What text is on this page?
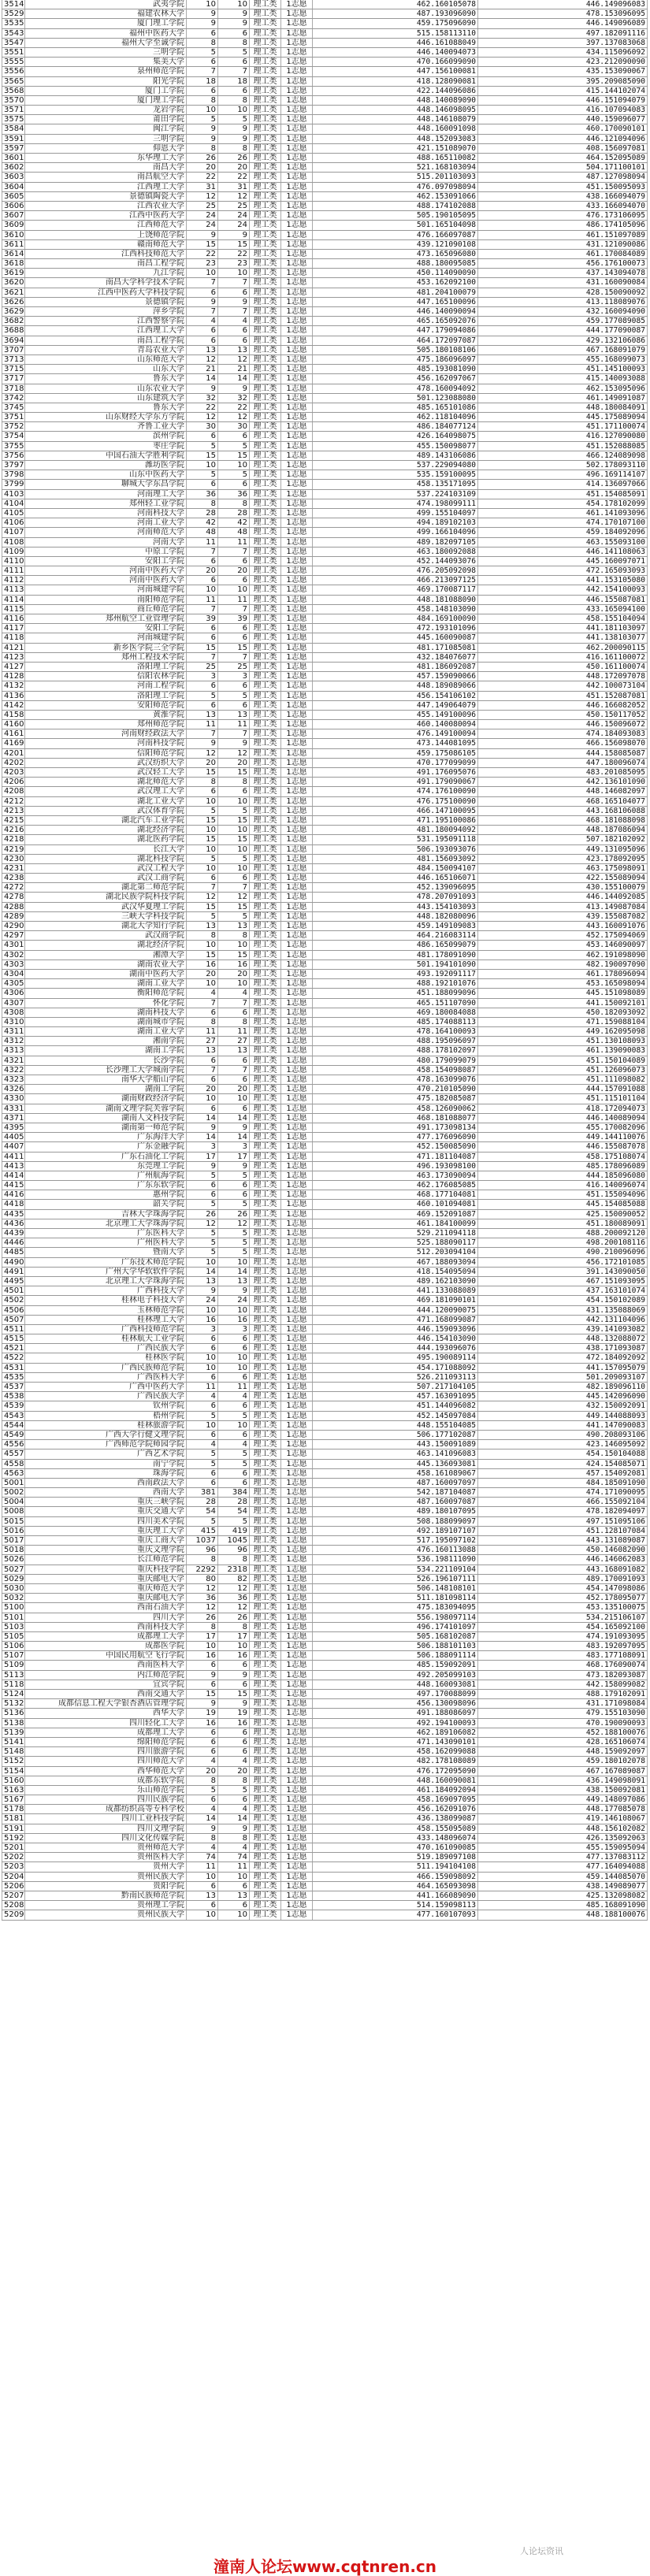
3514	武夷学院	10	10 理工类	1志愿	462.160105078	446.149096083
3529	福建农林大学	9	9 理工类	1志愿	487.193096090	478.153096095
3535	厦门理工学院	9	9 理工类	1志愿	459.175096090	446.149096089
3543	福州中医药大学	6	6 理工类	1志愿	515.158113110	497.182091116
3547	福州大学至诚学院	8	8 理工类	1志愿	446.161088049	397.137083068
3551	三明学院	5	5 理工类	1志愿	446.140094073	434.115096092
3555	集美大学	6	6 理工类	1志愿	470.166099090	423.212090090
3556	泉州师范学院	7	7 理工类	1志愿	447.156100081	435.153090067
3565	阳光学院	18	18 理工类	1志愿	418.128090081	395.209085090
3568	厦门工学院	6	6 理工类	1志愿	422.144096086	415.144102074
3570	厦门理工学院	8	8 理工类	1志愿	448.140089090	446.151094079
3571	龙岩学院	10	10 理工类	1志愿	448.146098095	416.107094083
3575	莆田学院	5	5 理工类	1志愿	448.146108079	440.159096077
3584	闽江学院	9	9 理工类	1志愿	448.160091098	460.170090101
3591	三明学院	9	9 理工类	1志愿	448.152093083	446.121094096
3597	仰恩大学	8	8 理工类	1志愿	421.151089070	408.156097081
3601	东华理工大学	26	26 理工类	1志愿	488.165110082	464.152095089
3602	南昌大学	20	20 理工类	1志愿	521.168103094	504.171100101
3603	南昌航空大学	22	22 理工类	1志愿	515.201103093	487.127098094
3604	江西理工大学	31	31 理工类	1志愿	476.097098094	451.150095093
3605	景德镇陶瓷大学	12	12 理工类	1志愿	462.153091066	438.166094079
3606	江西农业大学	25	25 理工类	1志愿	488.174102088	433.166094070
3607	江西中医药大学	24	24 理工类	1志愿	505.190105095	476.173106095
3609	江西师范大学	24	24 理工类	1志愿	501.165104098	486.174105096
3610	上饶师范学院	9	9 理工类	1志愿	476.166097087	461.151097089
3611	赣南师范大学	15	15 理工类	1志愿	439.121090108	431.121090086
3614	江西科技师范大学	22	22 理工类	1志愿	473.165096080	461.170084089
3618	南昌工程学院	23	23 理工类	1志愿	488.180095085	456.176100073
3619	九江学院	10	10 理工类	1志愿	450.114090090	437.143094078
3620	南昌大学科学技术学院	7	7 理工类	1志愿	453.162092100	431.160090084
3621	江西中医药大学科技学院	6	6 理工类	1志愿	481.204100079	428.150090092
3626	景德镇学院	9	9 理工类	1志愿	447.165100096	413.118089076
3629	萍乡学院	7	7 理工类	1志愿	446.140090094	432.160094090
3682	江西警察学院	4	4 理工类	1志愿	465.165092076	459.177089085
3688	江西理工大学	6	6 理工类	1志愿	447.179094086	444.177090087
3694	南昌工程学院	6	6 理工类	1志愿	464.172097087	429.132106086
3707	青岛农业大学	13	13 理工类	1志愿	505.180108106	467.168091079
3713	山东师范大学	12	12 理工类	1志愿	475.186096097	455.168099073
3715	山东大学	21	21 理工类	1志愿	485.193081090	451.145100093
3717	鲁东大学	14	14 理工类	1志愿	456.162097067	415.140093088
3718	山东农业大学	9	9 理工类	1志愿	478.160094092	462.153095096
3742	山东建筑大学	32	32 理工类	1志愿	501.123088080	461.149091087
3745	鲁东大学	22	22 理工类	1志愿	485.165101086	448.180084091
3751	山东财经大学东方学院	12	12 理工类	1志愿	462.118104096	445.175089094
3752	齐鲁工业大学	30	30 理工类	1志愿	486.184077124	451.171100074
3754	滨州学院	6	6 理工类	1志愿	426.164098075	416.127090080
3755	枣庄学院	5	5 理工类	1志愿	455.150098077	451.152088085
3756	中国石油大学胜利学院	15	15 理工类	1志愿	489.143106086	466.124089098
3797	潍坊医学院	10	10 理工类	1志愿	537.229094080	502.178093110
3798	山东中医药大学	5	5 理工类	1志愿	535.159100095	496.169114107
3799	聊城大学东昌学院	6	6 理工类	1志愿	458.135171095	414.136097066
4103	河南理工大学	36	36 理工类	1志愿	537.224103109	451.154085091
4104	郑州轻工业学院	8	8 理工类	1志愿	474.198099111	454.178102099
4105	河南科技大学	28	28 理工类	1志愿	499.155104097	461.141093096
4106	河南工业大学	42	42 理工类	1志愿	494.189102103	474.170107100
4107	河南师范大学	48	48 理工类	1志愿	499.166104096	459.184092096
4108	河南大学	11	11 理工类	1志愿	489.182097105	463.155093100
4109	中原工学院	7	7 理工类	1志愿	463.180092088	446.141108063
4110	安阳工学院	6	6 理工类	1志愿	452.144093076	445.160097071
4111	河南中医药大学	20	20 理工类	1志愿	476.205092098	472.165093093
4112	河南中医药大学	6	6 理工类	1志愿	466.213097125	441.153105080
4113	河南城建学院	10	10 理工类	1志愿	469.170087117	442.154100093
4114	南阳师范学院	11	11 理工类	1志愿	448.181088090	446.155087081
4115	商丘师范学院	7	7 理工类	1志愿	458.148103090	433.165094100
4116	郑州航空工业管理学院	39	39 理工类	1志愿	484.169100090	458.155104094
4117	安阳工学院	6	6 理工类	1志愿	472.193101096	441.181103097
4118	河南城建学院	6	6 理工类	1志愿	445.160090087	441.138103077
4121	新乡医学院三全学院	15	15 理工类	1志愿	481.171085081	462.200090115
4123	郑州工程技术学院	7	7 理工类	1志愿	432.184076077	416.161100072
4127	洛阳理工学院	25	25 理工类	1志愿	481.186092087	450.161100074
4128	信阳农林学院	3	3 理工类	1志愿	457.159090066	448.172097078
4132	河南工程学院	6	6 理工类	1志愿	448.189089066	442.100073104
4136	洛阳理工学院	5	5 理工类	1志愿	456.154106102	451.152087081
4142	安阳师范学院	6	6 理工类	1志愿	447.149064079	446.166082052
4158	黄淮学院	13	13 理工类	1志愿	455.149100096	450.150117052
4160	郑州师范学院	11	11 理工类	1志愿	460.140080094	446.150096072
4161	河南财经政法大学	7	7 理工类	1志愿	476.149100094	474.184093083
4169	河南科技学院	9	9 理工类	1志愿	473.144081095	466.156098070
4201	信阳师范学院	12	12 理工类	1志愿	459.175086105	444.158085087
4202	武汉纺织大学	20	20 理工类	1志愿	470.177099099	447.180096074
4203	武汉轻工大学	15	15 理工类	1志愿	491.176095076	483.201085095
4206	湖北师范大学	8	8 理工类	1志愿	491.179090067	442.136101090
4208	武汉理工大学	6	6 理工类	1志愿	474.176100090	448.146082097
4212	湖北工业大学	10	10 理工类	1志愿	476.175100090	468.165104077
4213	武汉体育学院	5	5 理工类	1志愿	466.147100095	443.168106088
4215	湖北汽车工业学院	15	15 理工类	1志愿	471.195100086	468.181088098
4216	湖北经济学院	10	10 理工类	1志愿	481.180094092	448.187086094
4218	湖北医药学院	15	15 理工类	1志愿	531.195091118	507.182102092
4219	长江大学	10	10 理工类	1志愿	506.193093076	449.131095096
4230	湖北科技学院	5	5 理工类	1志愿	481.156093092	423.178092095
4231	武汉工程大学	10	10 理工类	1志愿	484.150094107	463.175098091
4238	武汉工商学院	6	6 理工类	1志愿	446.165106071	422.155089094
4272	湖北第二师范学院	7	7 理工类	1志愿	452.139096095	430.155100079
4278	湖北民族学院科技学院	12	12 理工类	1志愿	478.207091093	446.144092085
4288	武汉华夏理工学院	15	15 理工类	1志愿	443.154103093	413.149087084
4289	三峡大学科技学院	5	5 理工类	1志愿	448.182080096	439.155087082
4290	湖北大学知行学院	13	13 理工类	1志愿	459.149109083	443.160091076
4297	武汉商学院	8	8 理工类	1志愿	464.216083114	452.175094069
4301	湖北经济学院	10	10 理工类	1志愿	486.165099079	453.146090097
4302	湘潭大学	15	15 理工类	1志愿	481.178091090	462.191098090
4303	湖南农业大学	16	16 理工类	1志愿	501.194101090	482.190097090
4304	湖南中医药大学	20	20 理工类	1志愿	493.192091117	461.178096094
4305	湖南工业大学	10	10 理工类	1志愿	488.192101076	453.165098094
4306	衡阳师范学院	4	4 理工类	1志愿	451.188099096	445.151098089
4307	怀化学院	7	7 理工类	1志愿	465.151107090	441.150092101
4308	湖南科技大学	6	6 理工类	1志愿	469.180084088	450.182093092
4310	湖南城市学院	8	8 理工类	1志愿	485.174088113	471.159088104
4311	湖南工业大学	11	11 理工类	1志愿	478.164100093	449.162095098
4312	湘南学院	27	27 理工类	1志愿	488.195096097	451.130108093
4313	湖南工学院	13	13 理工类	1志愿	488.178102097	461.139090083
4321	长沙学院	6	6 理工类	1志愿	480.179099079	451.150104089
4322	长沙理工大学城南学院	7	7 理工类	1志愿	458.154098087	451.126096073
4323	南华大学船山学院	6	6 理工类	1志愿	478.163099076	451.111098082
4326	湖南工学院	20	20 理工类	1志愿	470.210105090	444.157091088
4330	湖南财政经济学院	10	10 理工类	1志愿	475.182085087	451.115101104
4331	湖南文理学院芙蓉学院	6	6 理工类	1志愿	458.126090062	418.172094073
4371	湖南人文科技学院	14	14 理工类	1志愿	468.181088077	446.140089094
4395	湖南第一师范学院	9	9 理工类	1志愿	491.173098134	455.170082096
4405	广东海洋大学	14	14 理工类	1志愿	477.176096090	449.144110076
4407	广东金融学院	3	3 理工类	1志愿	452.150085090	446.155087078
4411	广东石油化工学院	17	17 理工类	1志愿	471.181104087	458.175108074
4413	东莞理工学院	9	9 理工类	1志愿	496.193098100	485.178096089
4414	广州航海学院	5	5 理工类	1志愿	463.173090094	444.185096080
4415	广东东软学院	6	6 理工类	1志愿	462.176085085	416.140096074
4416	惠州学院	6	6 理工类	1志愿	468.177104081	451.155094096
4418	韶关学院	5	5 理工类	1志愿	460.101094081	445.154085088
4435	吉林大学珠海学院	26	26 理工类	1志愿	469.152091087	425.150090052
4436	北京理工大学珠海学院	12	12 理工类	1志愿	461.184100099	451.180089091
4439	广东医科大学	5	5 理工类	1志愿	529.211094118	488.200092120
4446	广州医科大学	5	5 理工类	1志愿	525.188090117	498.200108116
4485	暨南大学	5	5 理工类	1志愿	512.203094104	490.210096096
4490	广东技术师范学院	10	10 理工类	1志愿	467.188093094	456.172101085
4491	广州大学华软软件学院	14	14 理工类	1志愿	418.154095094	391.143090050
4495	北京理工大学珠海学院	13	13 理工类	1志愿	489.162103090	467.151093095
4501	广西科技大学	9	9 理工类	1志愿	441.133088089	437.163101074
4502	桂林电子科技大学	24	24 理工类	1志愿	469.181090101	454.150102089
4506	玉林师范学院	10	10 理工类	1志愿	444.120090075	431.135088069
4507	桂林理工大学	16	16 理工类	1志愿	471.168099087	442.131104096
4511	广西科技师范学院	3	3 理工类	1志愿	446.159093096	439.141093082
4515	桂林航天工业学院	6	6 理工类	1志愿	446.154103090	448.132088072
4521	广西民族大学	6	6 理工类	1志愿	444.193096076	438.171093087
4522	桂林医学院	10	10 理工类	1志愿	495.190089114	472.184092092
4531	广西民族师范学院	10	10 理工类	1志愿	454.171088092	441.157095079
4535	广西医科大学	6	6 理工类	1志愿	526.211093113	501.209093107
4537	广西中医药大学	11	11 理工类	1志愿	507.217104105	482.189096110
4538	广西民族大学	4	4 理工类	1志愿	457.163091095	445.142096090
4539	钦州学院	6	6 理工类	1志愿	451.144096082	432.150092091
4543	梧州学院	5	5 理工类	1志愿	452.145097084	449.144088093
4544	桂林旅游学院	10	10 理工类	1志愿	448.155104085	441.147090083
4549	广西大学行健文理学院	6	6 理工类	1志愿	506.177102087	490.208093106
4556	广西师范学院师园学院	4	4 理工类	1志愿	443.150091089	423.146095092
4557	广西艺术学院	5	5 理工类	1志愿	463.141096083	454.150104088
4558	南宁学院	5	5 理工类	1志愿	445.136093081	424.154085071
4563	珠海学院	6	6 理工类	1志愿	458.161089067	457.154092081
5001	西南政法大学	6	6 理工类	1志愿	487.160097097	484.185091090
5002	西南大学	381	384 理工类	1志愿	542.187104087	474.171090095
5004	重庆三峡学院	28	28 理工类	1志愿	487.160097087	466.155092104
5008	重庆交通大学	54	54 理工类	1志愿	489.180107095	478.182094097
5015	四川美术学院	5	5 理工类	1志愿	508.188099097	497.151095106
5016	重庆理工大学	415	419 理工类	1志愿	492.189107107	451.128107084
5017	重庆工商大学	1037	1045 理工类	1志愿	517.195097102	443.131089087
5018	重庆文理学院	96	96 理工类	1志愿	476.160113088	450.146082090
5026	长江师范学院	8	8 理工类	1志愿	536.198111090	446.146062083
5027	重庆科技学院	2292	2318 理工类	1志愿	534.221109104	443.168091082
5029	重庆邮电大学	80	82 理工类	1志愿	526.196107111	489.170091093
5030	重庆师范大学	12	12 理工类	1志愿	506.148108101	454.147098086
5032	重庆邮电大学	36	36 理工类	1志愿	511.181098114	452.178095077
5100	西南石油大学	12	12 理工类	1志愿	475.183094095	453.135100075
5101	四川大学	26	26 理工类	1志愿	556.198097114	534.215106107
5103	西南科技大学	8	8 理工类	1志愿	496.174101097	454.165092100
5105	成都理工大学	17	17 理工类	1志愿	505.168102087	474.191093095
5106	成都医学院	10	10 理工类	1志愿	506.188101103	483.192097095
5107	中国民用航空飞行学院	16	16 理工类	1志愿	506.188091114	483.177108091
5109	西南医科大学	6	6 理工类	1志愿	485.159092091	468.176090074
5113	内江师范学院	9	9 理工类	1志愿	492.205099103	473.182093087
5118	宜宾学院	6	6 理工类	1志愿	448.160093081	442.158099082
5124	西南交通大学	15	15 理工类	1志愿	497.170088099	488.179102091
5132	成都信息工程大学银杏酒店管理学院	9	9 理工类	1志愿	456.130098096	431.171098084
5136	西华大学	19	19 理工类	1志愿	491.188086097	479.155103090
5138	四川轻化工大学	16	16 理工类	1志愿	492.194100093	470.190090093
5139	成都理工大学	6	6 理工类	1志愿	462.189106082	452.188100076
5141	绵阳师范学院	6	6 理工类	1志愿	471.143090101	428.165106074
5148	四川旅游学院	6	6 理工类	1志愿	458.162099088	448.159092097
5152	四川师范大学	4	4 理工类	1志愿	482.178108089	459.180102078
5154	西华师范大学	20	20 理工类	1志愿	476.172095090	467.167089087
5160	成都东软学院	8	8 理工类	1志愿	448.160090081	436.149098091
5163	乐山师范学院	5	5 理工类	1志愿	461.184092094	438.150092081
5167	四川民族学院	6	6 理工类	1志愿	458.169097095	449.148097086
5178	成都纺织高等专科学校	4	4 理工类	1志愿	456.162091076	448.177085078
5181	四川工业科技学院	14	14 理工类	1志愿	436.138099087	419.146108067
5191	四川文理学院	9	9 理工类	1志愿	458.155095089	448.156102082
5192	四川文化传媒学院	8	8 理工类	1志愿	433.148096074	426.135092063
5201	贵州师范大学	4	4 理工类	1志愿	470.161090085	455.159095094
5202	贵州医科大学	74	74 理工类	1志愿	519.189097108	477.137083112
5203	贵州大学	11	11 理工类	1志愿	511.194104108	477.164094088
5204	贵州民族大学	10	10 理工类	1志愿	466.159098092	459.144085070
5206	贵阳学院	6	6 理工类	1志愿	464.165093098	438.149089077
5207	黔南民族师范学院	13	13 理工类	1志愿	441.166089090	425.132098082
5208	贵州理工学院	6	6 理工类	1志愿	514.159098113	485.168091090
5209	贵州民族大学	10	10 理工类	1志愿	477.160107093	448.188100076
人论坛资讯
潼南人论坛www.cqtnren.cn
